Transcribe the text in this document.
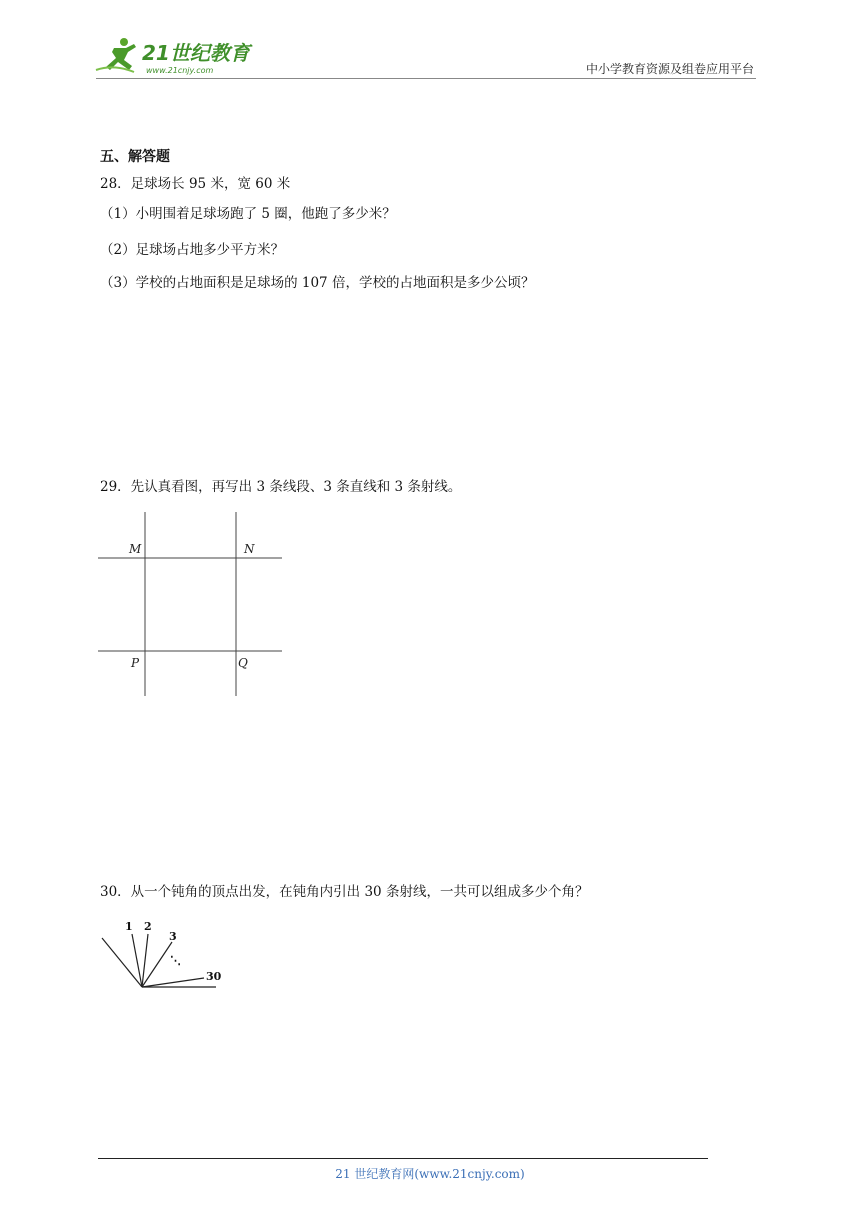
21世纪教育
www.21cnjy.com	中小学教育资源及组卷应用平台
五、解答题
28．足球场长 95 米，宽 60 米
（1）小明围着足球场跑了 5 圈，他跑了多少米？
（2）足球场占地多少平方米？
（3）学校的占地面积是足球场的 107 倍，学校的占地面积是多少公顷？
29．先认真看图，再写出 3 条线段、3 条直线和 3 条射线。
M	N
P	Q
30．从一个钝角的顶点出发，在钝角内引出 30 条射线，一共可以组成多少个角？
1 2
3
⋱
30
21 世纪教育网(www.21cnjy.com)
